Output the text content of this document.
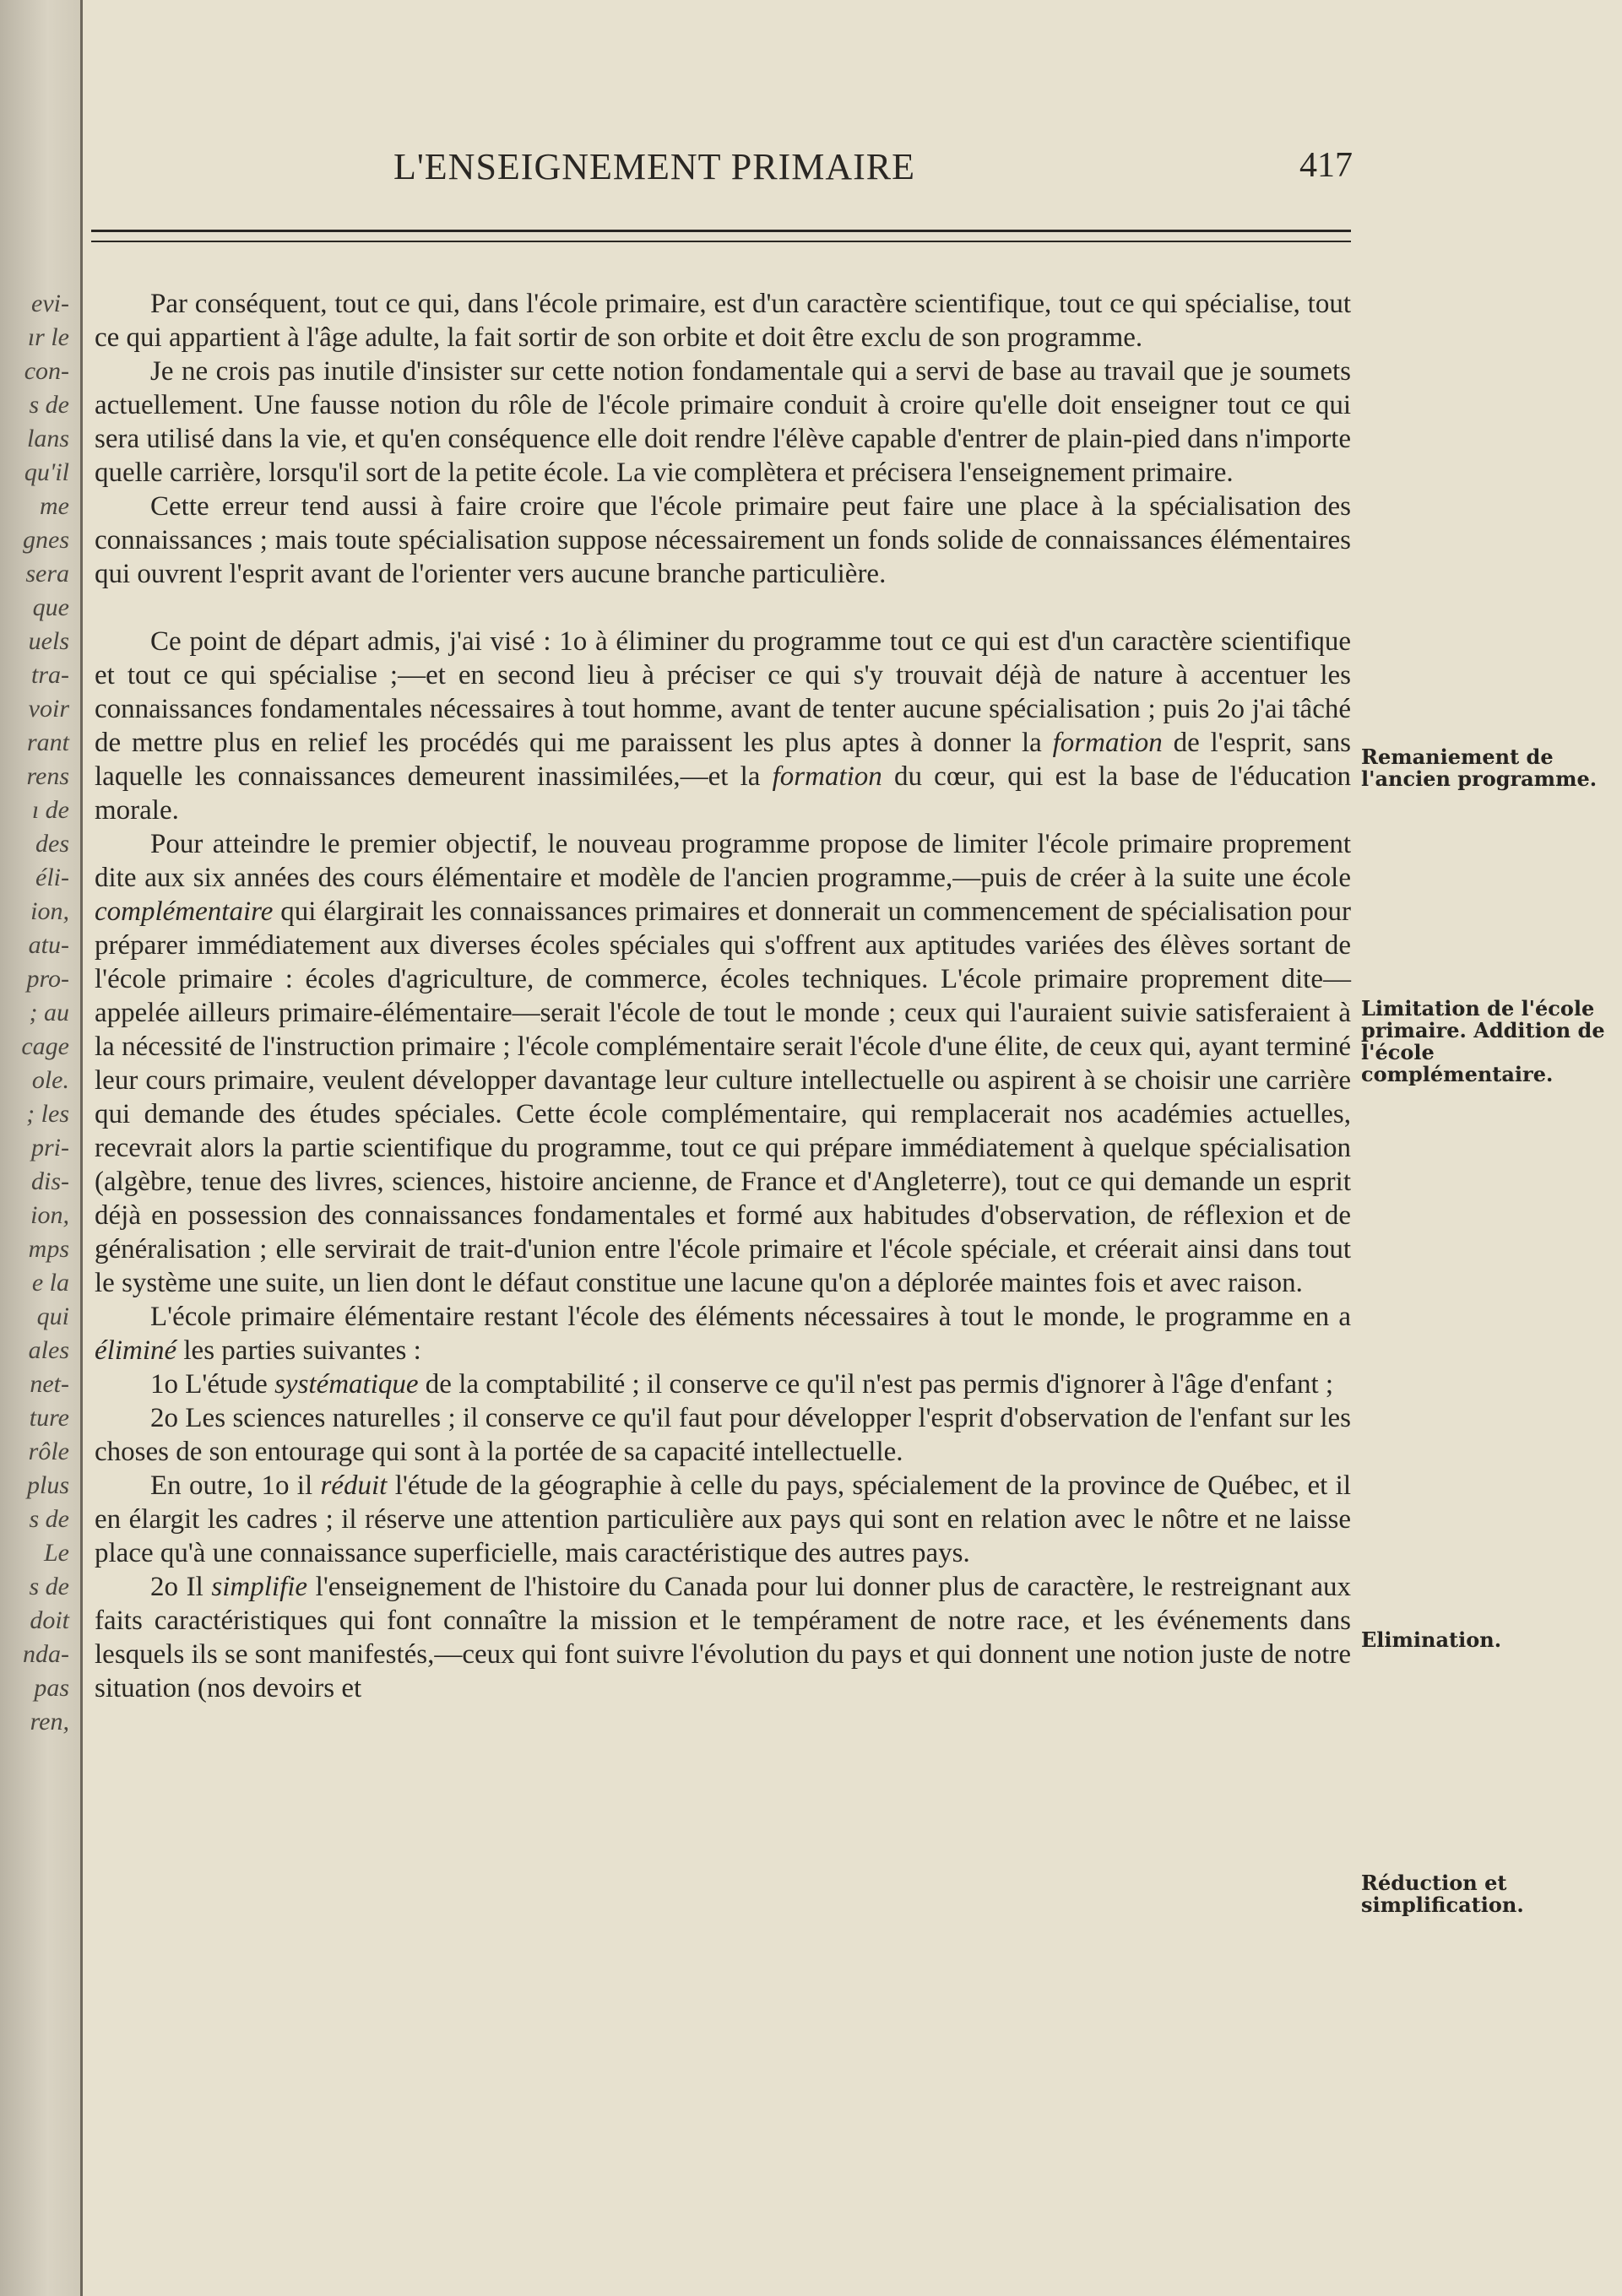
evi-
ır le
con-
s de
lans
qu'il
me
gnes
sera
que
uels
tra-
voir
rant
rens
ı de
des
éli-
ion,
atu-
pro-
; au
cage
ole.
; les
pri-
dis-
ion,
mps
e la
qui
ales
net-
ture
rôle
plus
s de
Le
s de
doit
nda-
pas
ren,
L'ENSEIGNEMENT PRIMAIRE	417

Par conséquent, tout ce qui, dans l'école primaire, est d'un caractère scientifique, tout ce qui spécialise, tout ce qui appartient à l'âge adulte, la fait sortir de son orbite et doit être exclu de son programme.

Je ne crois pas inutile d'insister sur cette notion fondamentale qui a servi de base au travail que je soumets actuellement. Une fausse notion du rôle de l'école primaire conduit à croire qu'elle doit enseigner tout ce qui sera utilisé dans la vie, et qu'en conséquence elle doit rendre l'élève capable d'entrer de plain-pied dans n'importe quelle carrière, lorsqu'il sort de la petite école. La vie complètera et précisera l'enseignement primaire.

Cette erreur tend aussi à faire croire que l'école primaire peut faire une place à la spécialisation des connaissances ; mais toute spécialisation suppose nécessairement un fonds solide de connaissances élémentaires qui ouvrent l'esprit avant de l'orienter vers aucune branche particulière.

Ce point de départ admis, j'ai visé : 1o à éliminer du programme tout ce qui est d'un caractère scientifique et tout ce qui spécialise ;—et en second lieu à préciser ce qui s'y trouvait déjà de nature à accentuer les connaissances fondamentales nécessaires à tout homme, avant de tenter aucune spécialisation ; puis 2o j'ai tâché de mettre plus en relief les procédés qui me paraissent les plus aptes à donner la formation de l'esprit, sans laquelle les connaissances demeurent inassimilées,—et la formation du cœur, qui est la base de l'éducation morale.

Pour atteindre le premier objectif, le nouveau programme propose de limiter l'école primaire proprement dite aux six années des cours élémentaire et modèle de l'ancien programme,—puis de créer à la suite une école complémentaire qui élargirait les connaissances primaires et donnerait un commencement de spécialisation pour préparer immédiatement aux diverses écoles spéciales qui s'offrent aux aptitudes variées des élèves sortant de l'école primaire : écoles d'agriculture, de commerce, écoles techniques. L'école primaire proprement dite—appelée ailleurs primaire-élémentaire—serait l'école de tout le monde ; ceux qui l'auraient suivie satisferaient à la nécessité de l'instruction primaire ; l'école complémentaire serait l'école d'une élite, de ceux qui, ayant terminé leur cours primaire, veulent développer davantage leur culture intellectuelle ou aspirent à se choisir une carrière qui demande des études spéciales. Cette école complémentaire, qui remplacerait nos académies actuelles, recevrait alors la partie scientifique du programme, tout ce qui prépare immédiatement à quelque spécialisation (algèbre, tenue des livres, sciences, histoire ancienne, de France et d'Angleterre), tout ce qui demande un esprit déjà en possession des connaissances fondamentales et formé aux habitudes d'observation, de réflexion et de généralisation ; elle servirait de trait-d'union entre l'école primaire et l'école spéciale, et créerait ainsi dans tout le système une suite, un lien dont le défaut constitue une lacune qu'on a déplorée maintes fois et avec raison.

L'école primaire élémentaire restant l'école des éléments nécessaires à tout le monde, le programme en a éliminé les parties suivantes :

1o L'étude systématique de la comptabilité ; il conserve ce qu'il n'est pas permis d'ignorer à l'âge d'enfant ;

2o Les sciences naturelles ; il conserve ce qu'il faut pour développer l'esprit d'observation de l'enfant sur les choses de son entourage qui sont à la portée de sa capacité intellectuelle.

En outre, 1o il réduit l'étude de la géographie à celle du pays, spécialement de la province de Québec, et il en élargit les cadres ; il réserve une attention particulière aux pays qui sont en relation avec le nôtre et ne laisse place qu'à une connaissance superficielle, mais caractéristique des autres pays.

2o Il simplifie l'enseignement de l'histoire du Canada pour lui donner plus de caractère, le restreignant aux faits caractéristiques qui font connaître la mission et le tempérament de notre race, et les événements dans lesquels ils se sont manifestés,—ceux qui font suivre l'évolution du pays et qui donnent une notion juste de notre situation (nos devoirs et

Remaniement de l'ancien programme.
Limitation de l'école primaire. Addition de l'école complémentaire.
Elimination.
Réduction et simplification.
